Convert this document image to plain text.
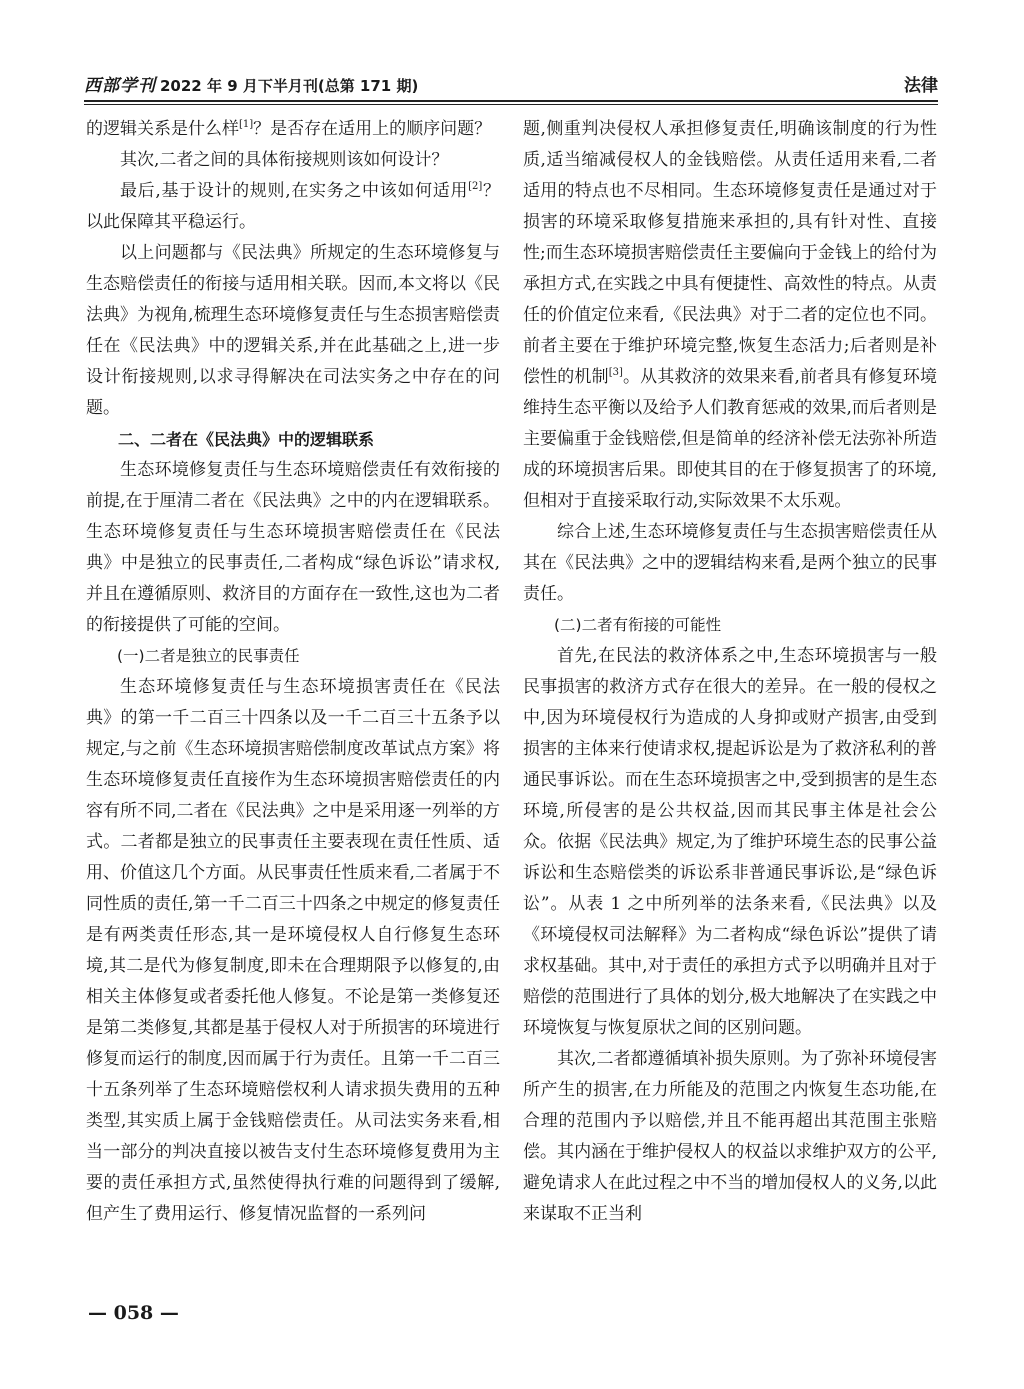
西部学刊 2022 年 9 月下半月刊(总第 171 期)	法律

的逻辑关系是什么样[1]？是否存在适用上的顺序问题？

其次,二者之间的具体衔接规则该如何设计？

最后,基于设计的规则,在实务之中该如何适用[2]？以此保障其平稳运行。

以上问题都与《民法典》所规定的生态环境修复与生态赔偿责任的衔接与适用相关联。因而,本文将以《民法典》为视角,梳理生态环境修复责任与生态损害赔偿责任在《民法典》中的逻辑关系,并在此基础之上,进一步设计衔接规则,以求寻得解决在司法实务之中存在的问题。

二、二者在《民法典》中的逻辑联系

生态环境修复责任与生态环境赔偿责任有效衔接的前提,在于厘清二者在《民法典》之中的内在逻辑联系。生态环境修复责任与生态环境损害赔偿责任在《民法典》中是独立的民事责任,二者构成“绿色诉讼”请求权,并且在遵循原则、救济目的方面存在一致性,这也为二者的衔接提供了可能的空间。

(一)二者是独立的民事责任

生态环境修复责任与生态环境损害责任在《民法典》的第一千二百三十四条以及一千二百三十五条予以规定,与之前《生态环境损害赔偿制度改革试点方案》将生态环境修复责任直接作为生态环境损害赔偿责任的内容有所不同,二者在《民法典》之中是采用逐一列举的方式。二者都是独立的民事责任主要表现在责任性质、适用、价值这几个方面。从民事责任性质来看,二者属于不同性质的责任,第一千二百三十四条之中规定的修复责任是有两类责任形态,其一是环境侵权人自行修复生态环境,其二是代为修复制度,即未在合理期限予以修复的,由相关主体修复或者委托他人修复。不论是第一类修复还是第二类修复,其都是基于侵权人对于所损害的环境进行修复而运行的制度,因而属于行为责任。且第一千二百三十五条列举了生态环境赔偿权利人请求损失费用的五种类型,其实质上属于金钱赔偿责任。从司法实务来看,相当一部分的判决直接以被告支付生态环境修复费用为主要的责任承担方式,虽然使得执行难的问题得到了缓解,但产生了费用运行、修复情况监督的一系列问

题,侧重判决侵权人承担修复责任,明确该制度的行为性质,适当缩减侵权人的金钱赔偿。从责任适用来看,二者适用的特点也不尽相同。生态环境修复责任是通过对于损害的环境采取修复措施来承担的,具有针对性、直接性;而生态环境损害赔偿责任主要偏向于金钱上的给付为承担方式,在实践之中具有便捷性、高效性的特点。从责任的价值定位来看,《民法典》对于二者的定位也不同。前者主要在于维护环境完整,恢复生态活力;后者则是补偿性的机制[3]。从其救济的效果来看,前者具有修复环境维持生态平衡以及给予人们教育惩戒的效果,而后者则是主要偏重于金钱赔偿,但是简单的经济补偿无法弥补所造成的环境损害后果。即使其目的在于修复损害了的环境,但相对于直接采取行动,实际效果不太乐观。

综合上述,生态环境修复责任与生态损害赔偿责任从其在《民法典》之中的逻辑结构来看,是两个独立的民事责任。

(二)二者有衔接的可能性

首先,在民法的救济体系之中,生态环境损害与一般民事损害的救济方式存在很大的差异。在一般的侵权之中,因为环境侵权行为造成的人身抑或财产损害,由受到损害的主体来行使请求权,提起诉讼是为了救济私利的普通民事诉讼。而在生态环境损害之中,受到损害的是生态环境,所侵害的是公共权益,因而其民事主体是社会公众。依据《民法典》规定,为了维护环境生态的民事公益诉讼和生态赔偿类的诉讼系非普通民事诉讼,是“绿色诉讼”。从表 1 之中所列举的法条来看,《民法典》以及《环境侵权司法解释》为二者构成“绿色诉讼”提供了请求权基础。其中,对于责任的承担方式予以明确并且对于赔偿的范围进行了具体的划分,极大地解决了在实践之中环境恢复与恢复原状之间的区别问题。

其次,二者都遵循填补损失原则。为了弥补环境侵害所产生的损害,在力所能及的范围之内恢复生态功能,在合理的范围内予以赔偿,并且不能再超出其范围主张赔偿。其内涵在于维护侵权人的权益以求维护双方的公平,避免请求人在此过程之中不当的增加侵权人的义务,以此来谋取不正当利

— 058 —
